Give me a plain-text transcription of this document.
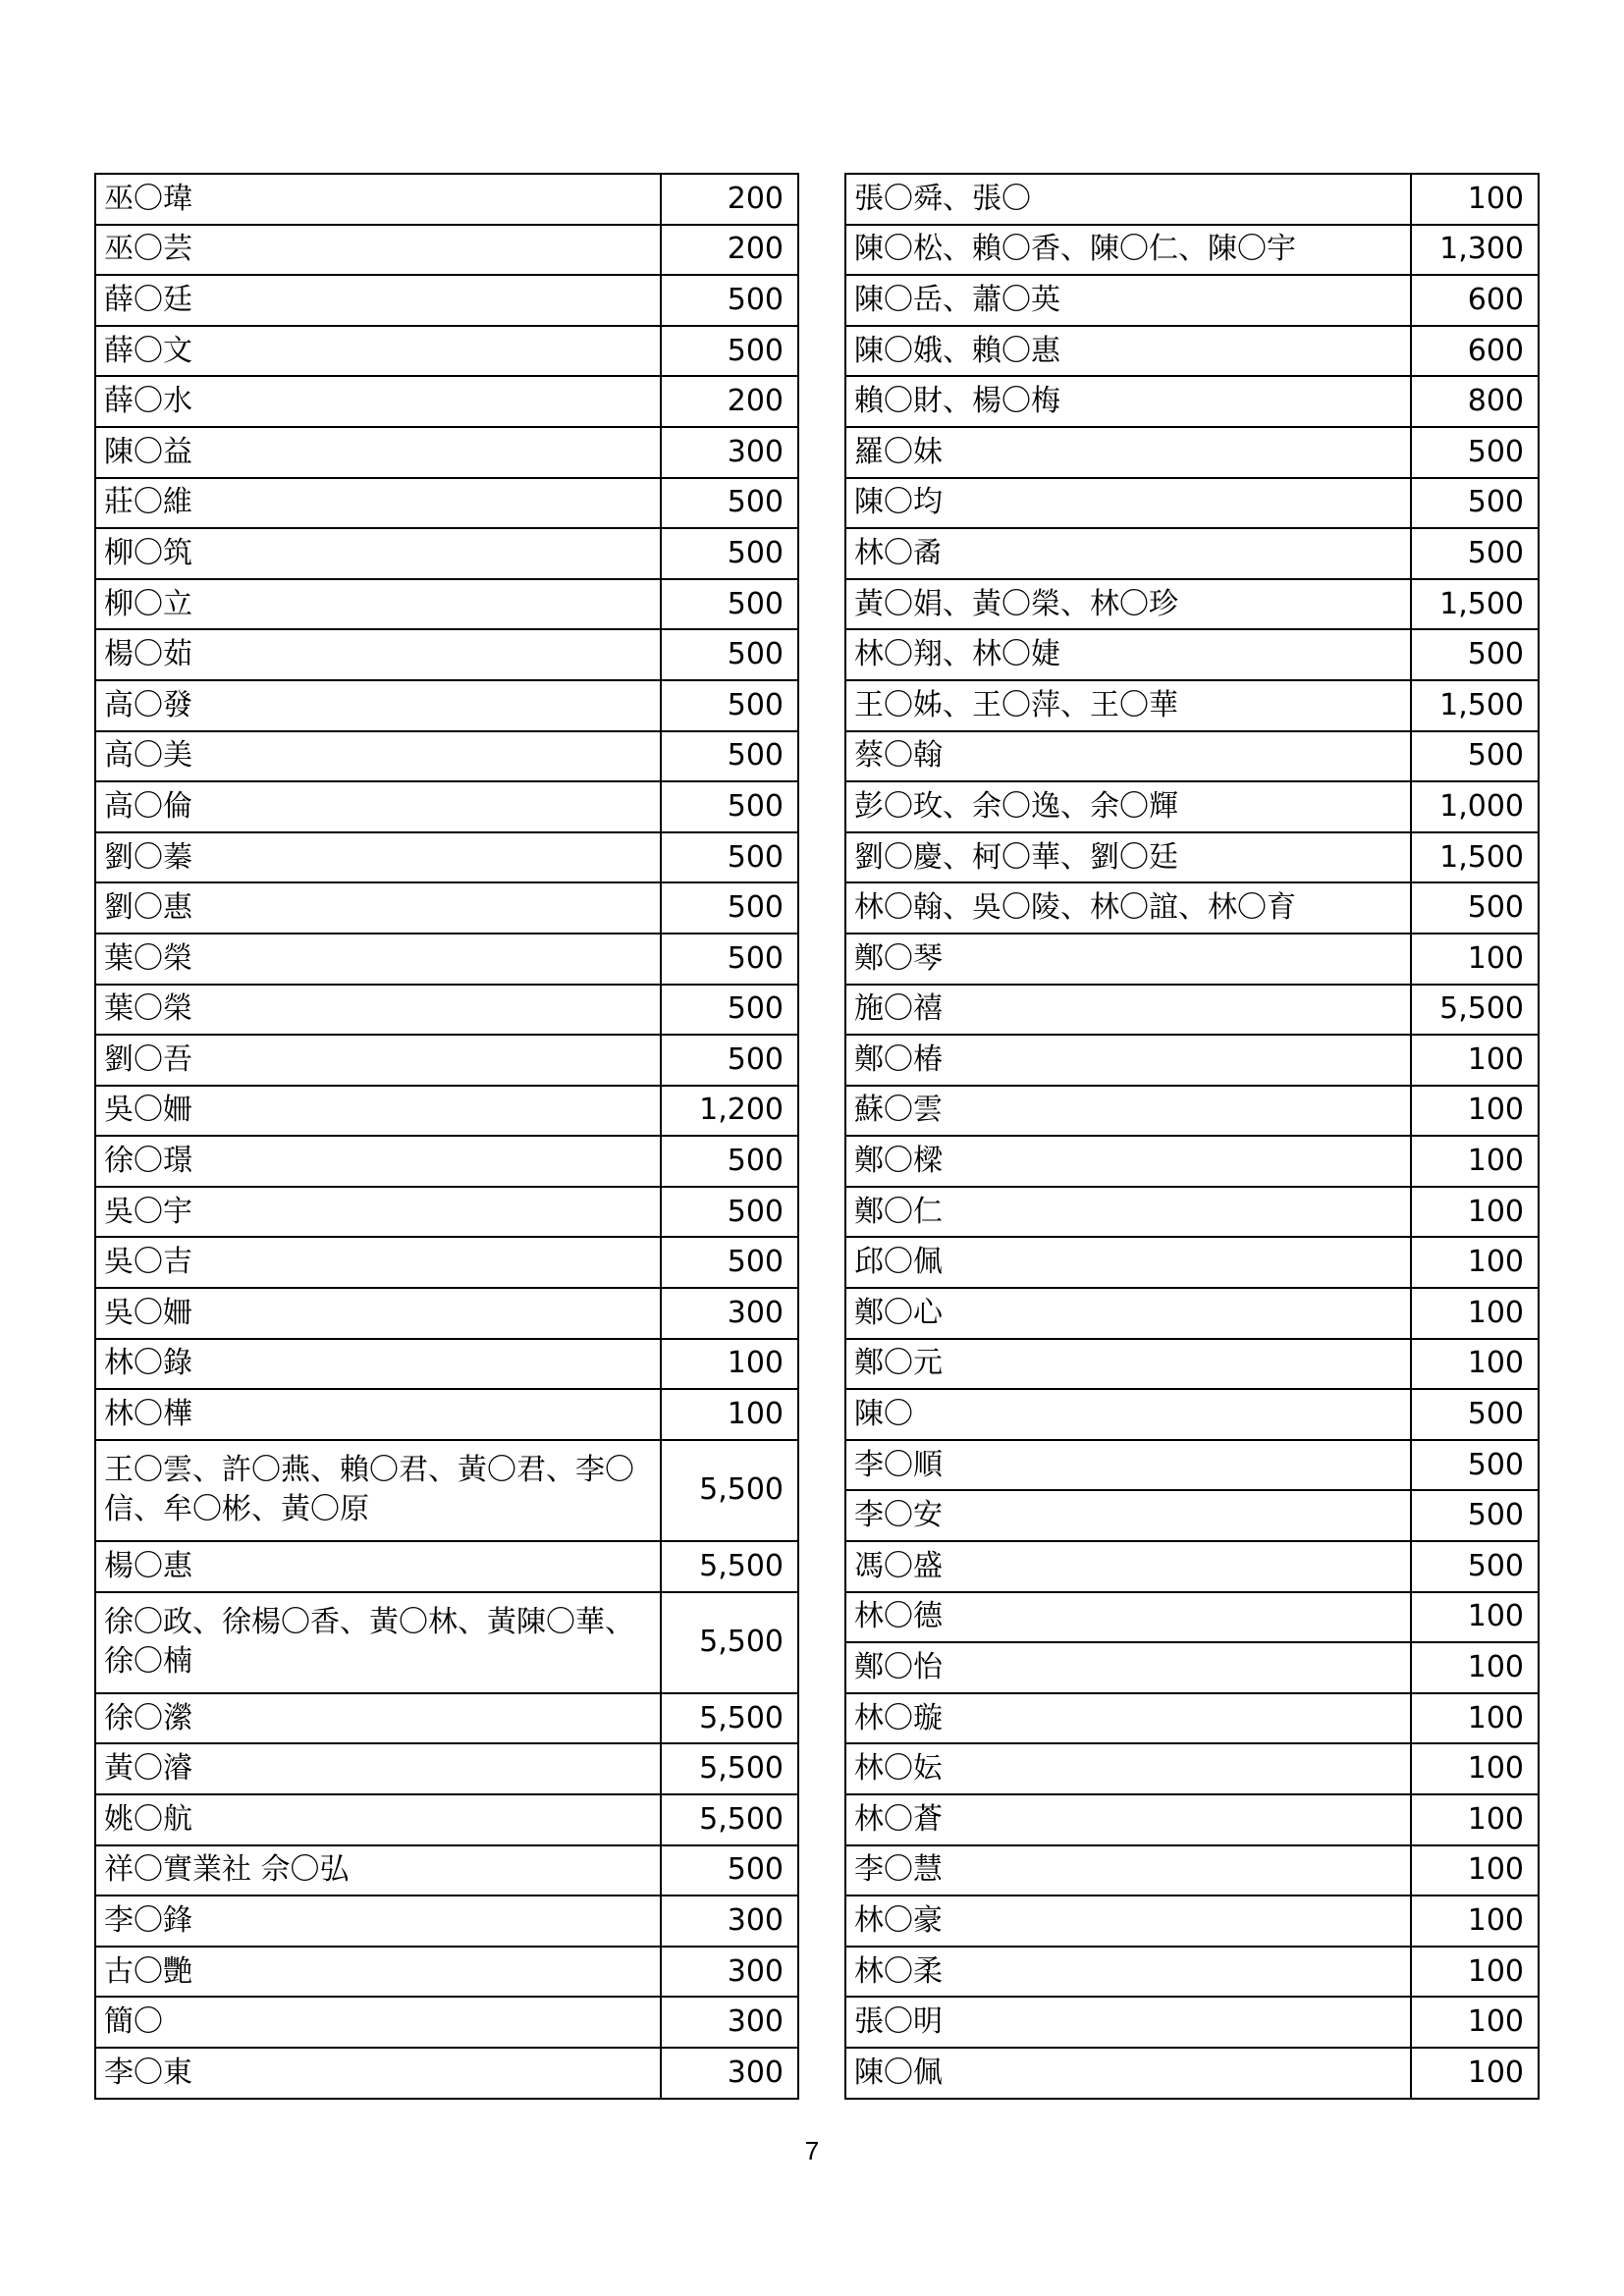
巫〇瑋	200
巫〇芸	200
薛〇廷	500
薛〇文	500
薛〇水	200
陳〇益	300
莊〇維	500
柳〇筑	500
柳〇立	500
楊〇茹	500
高〇發	500
高〇美	500
高〇倫	500
劉〇蓁	500
劉〇惠	500
葉〇榮	500
葉〇榮	500
劉〇吾	500
吳〇姍	1,200
徐〇璟	500
吳〇宇	500
吳〇吉	500
吳〇姍	300
林〇錄	100
林〇樺	100
王〇雲、許〇燕、賴〇君、黃〇君、李〇信、牟〇彬、黃〇原	5,500
楊〇惠	5,500
徐〇政、徐楊〇香、黃〇林、黃陳〇華、徐〇楠	5,500
徐〇瀠	5,500
黃〇濬	5,500
姚〇航	5,500
祥〇實業社 佘〇弘	500
李〇鋒	300
古〇艷	300
簡〇	300
李〇東	300
張〇舜、張〇	100
陳〇松、賴〇香、陳〇仁、陳〇宇	1,300
陳〇岳、蕭〇英	600
陳〇娥、賴〇惠	600
賴〇財、楊〇梅	800
羅〇妹	500
陳〇均	500
林〇矞	500
黃〇娟、黃〇榮、林〇珍	1,500
林〇翔、林〇婕	500
王〇姊、王〇萍、王〇華	1,500
蔡〇翰	500
彭〇玫、余〇逸、余〇輝	1,000
劉〇慶、柯〇華、劉〇廷	1,500
林〇翰、吳〇陵、林〇誼、林〇育	500
鄭〇琴	100
施〇禧	5,500
鄭〇椿	100
蘇〇雲	100
鄭〇樑	100
鄭〇仁	100
邱〇佩	100
鄭〇心	100
鄭〇元	100
陳〇	500
李〇順	500
李〇安	500
馮〇盛	500
林〇德	100
鄭〇怡	100
林〇璇	100
林〇妘	100
林〇蒼	100
李〇慧	100
林〇豪	100
林〇柔	100
張〇明	100
陳〇佩	100
7
